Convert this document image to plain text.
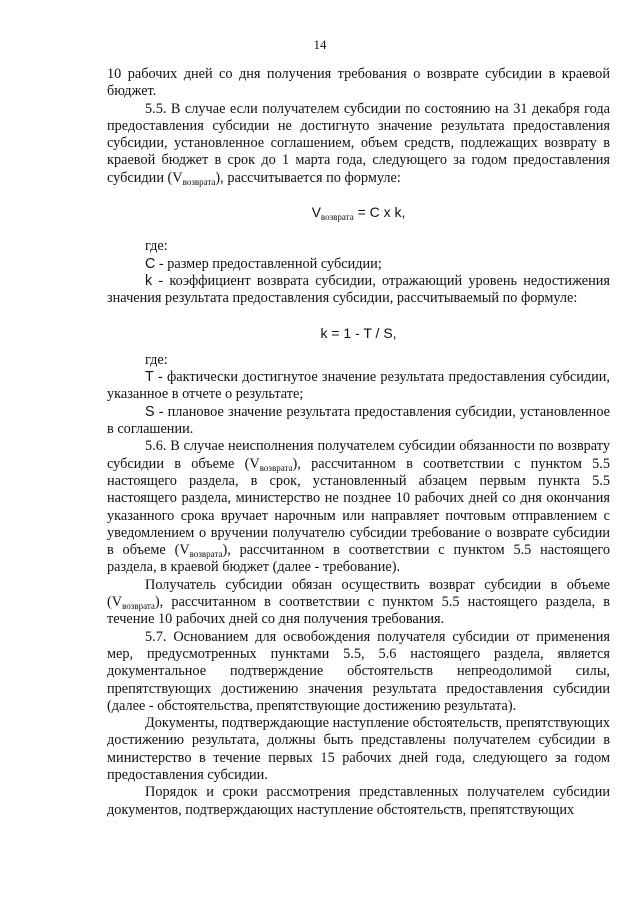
14

10 рабочих дней со дня получения требования о возврате субсидии в краевой бюджет.

5.5. В случае если получателем субсидии по состоянию на 31 декабря года предоставления субсидии не достигнуто значение результата предоставления субсидии, установленное соглашением, объем средств, подлежащих возврату в краевой бюджет в срок до 1 марта года, следующего за годом предоставления субсидии $(V_{возврата})$, рассчитывается по формуле:

$V_{возврата} = C$ x k,

где:

C - размер предоставленной субсидии;

k - коэффициент возврата субсидии, отражающий уровень недостижения значения результата предоставления субсидии, рассчитываемый по формуле:

k = 1 - T / S,

где:

T - фактически достигнутое значение результата предоставления субсидии, указанное в отчете о результате;

S - плановое значение результата предоставления субсидии, установленное в соглашении.

5.6. В случае неисполнения получателем субсидии обязанности по возврату субсидии в объеме $(V_{возврата})$, рассчитанном в соответствии с пунктом 5.5 настоящего раздела, в срок, установленный абзацем первым пункта 5.5 настоящего раздела, министерство не позднее 10 рабочих дней со дня окончания указанного срока вручает нарочным или направляет почтовым отправлением с уведомлением о вручении получателю субсидии требование о возврате субсидии в объеме $(V_{возврата})$, рассчитанном в соответствии с пунктом 5.5 настоящего раздела, в краевой бюджет (далее - требование).

Получатель субсидии обязан осуществить возврат субсидии в объеме $(V_{возврата})$, рассчитанном в соответствии с пунктом 5.5 настоящего раздела, в течение 10 рабочих дней со дня получения требования.

5.7. Основанием для освобождения получателя субсидии от применения мер, предусмотренных пунктами 5.5, 5.6 настоящего раздела, является документальное подтверждение обстоятельств непреодолимой силы, препятствующих достижению значения результата предоставления субсидии (далее - обстоятельства, препятствующие достижению результата).

Документы, подтверждающие наступление обстоятельств, препятствующих достижению результата, должны быть представлены получателем субсидии в министерство в течение первых 15 рабочих дней года, следующего за годом предоставления субсидии.

Порядок и сроки рассмотрения представленных получателем субсидии документов, подтверждающих наступление обстоятельств, препятствующих
